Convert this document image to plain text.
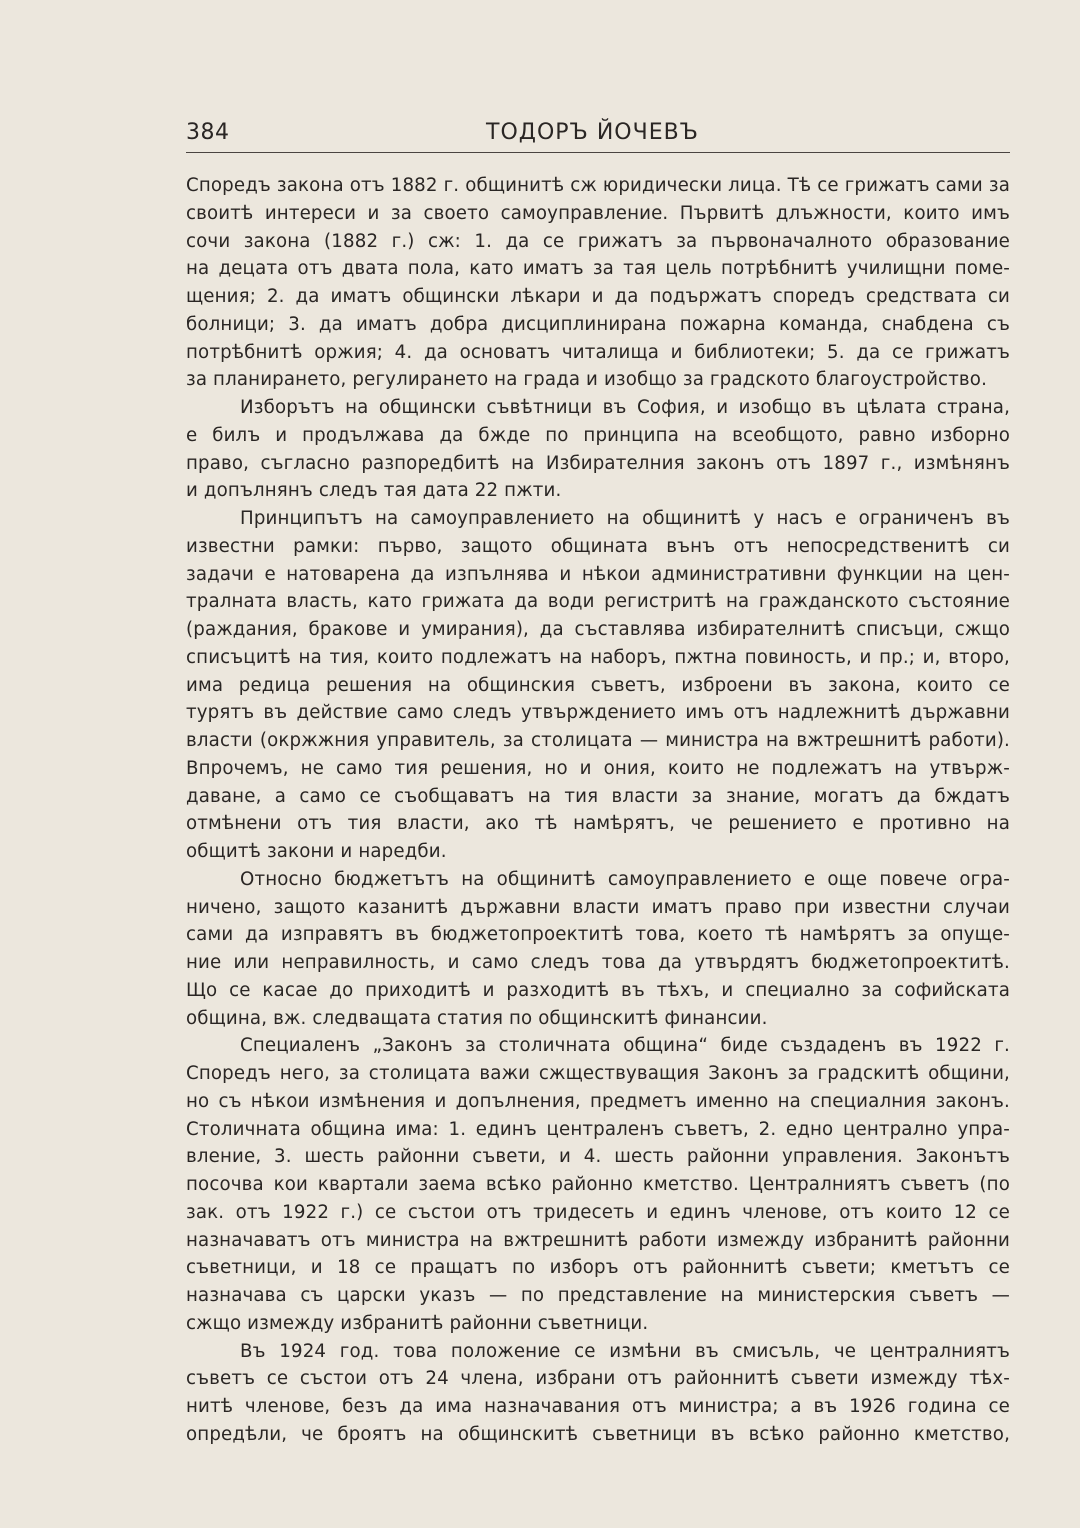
384	ТОДОРЪ ЙОЧЕВЪ
Споредъ закона отъ 1882 г. общинитѣ сж юридически лица. Тѣ се грижатъ сами за
своитѣ интереси и за своето самоуправление. Първитѣ длъжности, които имъ
сочи закона (1882 г.) сж: 1. да се грижатъ за първоначалното образование
на децата отъ двата пола, като иматъ за тая цель потрѣбнитѣ училищни поме-
щения; 2. да иматъ общински лѣкари и да подържатъ споредъ средствата си
болници; 3. да иматъ добра дисциплинирана пожарна команда, снабдена съ
потрѣбнитѣ оржия; 4. да основатъ читалища и библиотеки; 5. да се грижатъ
за планирането, регулирането на града и изобщо за градското благоустройство.
Изборътъ на общински съвѣтници въ София, и изобщо въ цѣлата страна,
е билъ и продължава да бжде по принципа на всеобщото, равно изборно
право, съгласно разпоредбитѣ на Избирателния законъ отъ 1897 г., измѣнянъ
и допълнянъ следъ тая дата 22 пжти.
Принципътъ на самоуправлението на общинитѣ у насъ е ограниченъ въ
известни рамки: първо, защото общината вънъ отъ непосредственитѣ си
задачи е натоварена да изпълнява и нѣкои административни функции на цен-
тралната власть, като грижата да води регистритѣ на гражданското състояние
(раждания, бракове и умирания), да съставлява избирателнитѣ списъци, сжщо
списъцитѣ на тия, които подлежатъ на наборъ, пжтна повиность, и пр.; и, второ,
има редица решения на общинския съветъ, изброени въ закона, които се
турятъ въ действие само следъ утвърждението имъ отъ надлежнитѣ държавни
власти (окржжния управитель, за столицата — министра на вжтрешнитѣ работи).
Впрочемъ, не само тия решения, но и ония, които не подлежатъ на утвърж-
даване, а само се съобщаватъ на тия власти за знание, могатъ да бждатъ
отмѣнени отъ тия власти, ако тѣ намѣрятъ, че решението е противно на
общитѣ закони и наредби.
Относно бюджетътъ на общинитѣ самоуправлението е още повече огра-
ничено, защото казанитѣ държавни власти иматъ право при известни случаи
сами да изправятъ въ бюджетопроектитѣ това, което тѣ намѣрятъ за опуще-
ние или неправилность, и само следъ това да утвърдятъ бюджетопроектитѣ.
Що се касае до приходитѣ и разходитѣ въ тѣхъ, и специално за софийската
община, вж. следващата статия по общинскитѣ финансии.
Специаленъ „Законъ за столичната община“ биде създаденъ въ 1922 г.
Споредъ него, за столицата важи сжществуващия Законъ за градскитѣ общини,
но съ нѣкои измѣнения и допълнения, предметъ именно на специалния законъ.
Столичната община има: 1. единъ централенъ съветъ, 2. едно централно упра-
вление, 3. шесть районни съвети, и 4. шесть районни управления. Законътъ
посочва кои квартали заема всѣко районно кметство. Централниятъ съветъ (по
зак. отъ 1922 г.) се състои отъ тридесеть и единъ членове, отъ които 12 се
назначаватъ отъ министра на вжтрешнитѣ работи измежду избранитѣ районни
съветници, и 18 се пращатъ по изборъ отъ районнитѣ съвети; кметътъ се
назначава съ царски указъ — по представление на министерския съветъ —
сжщо измежду избранитѣ районни съветници.
Въ 1924 год. това положение се измѣни въ смисъль, че централниятъ
съветъ се състои отъ 24 члена, избрани отъ районнитѣ съвети измежду тѣх-
нитѣ членове, безъ да има назначавания отъ министра; а въ 1926 година се
опредѣли, че броятъ на общинскитѣ съветници въ всѣко районно кметство,
